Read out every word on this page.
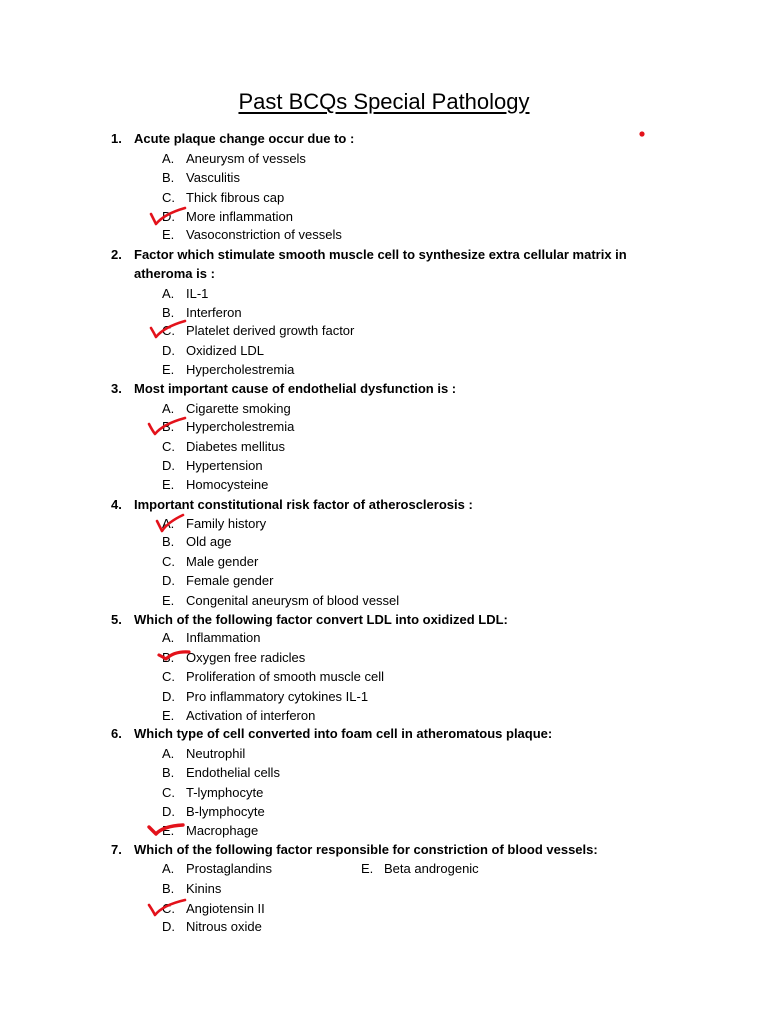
Past BCQs Special Pathology
1. Acute plaque change occur due to :
A. Aneurysm of vessels
B. Vasculitis
C. Thick fibrous cap
D. More inflammation
E. Vasoconstriction of vessels
2. Factor which stimulate smooth muscle cell to synthesize extra cellular matrix in atheroma is :
A. IL-1
B. Interferon
C. Platelet derived growth factor
D. Oxidized LDL
E. Hypercholestremia
3. Most important cause of endothelial dysfunction is :
A. Cigarette smoking
B. Hypercholestremia
C. Diabetes mellitus
D. Hypertension
E. Homocysteine
4. Important constitutional risk factor of atherosclerosis :
A. Family history
B. Old age
C. Male gender
D. Female gender
E. Congenital aneurysm of blood vessel
5. Which of the following factor convert LDL into oxidized LDL:
A. Inflammation
B. Oxygen free radicles
C. Proliferation of smooth muscle cell
D. Pro inflammatory cytokines IL-1
E. Activation of interferon
6. Which type of cell converted into foam cell in atheromatous plaque:
A. Neutrophil
B. Endothelial cells
C. T-lymphocyte
D. B-lymphocyte
E. Macrophage
7. Which of the following factor responsible for constriction of blood vessels:
A. Prostaglandins	E. Beta androgenic
B. Kinins
C. Angiotensin II
D. Nitrous oxide
